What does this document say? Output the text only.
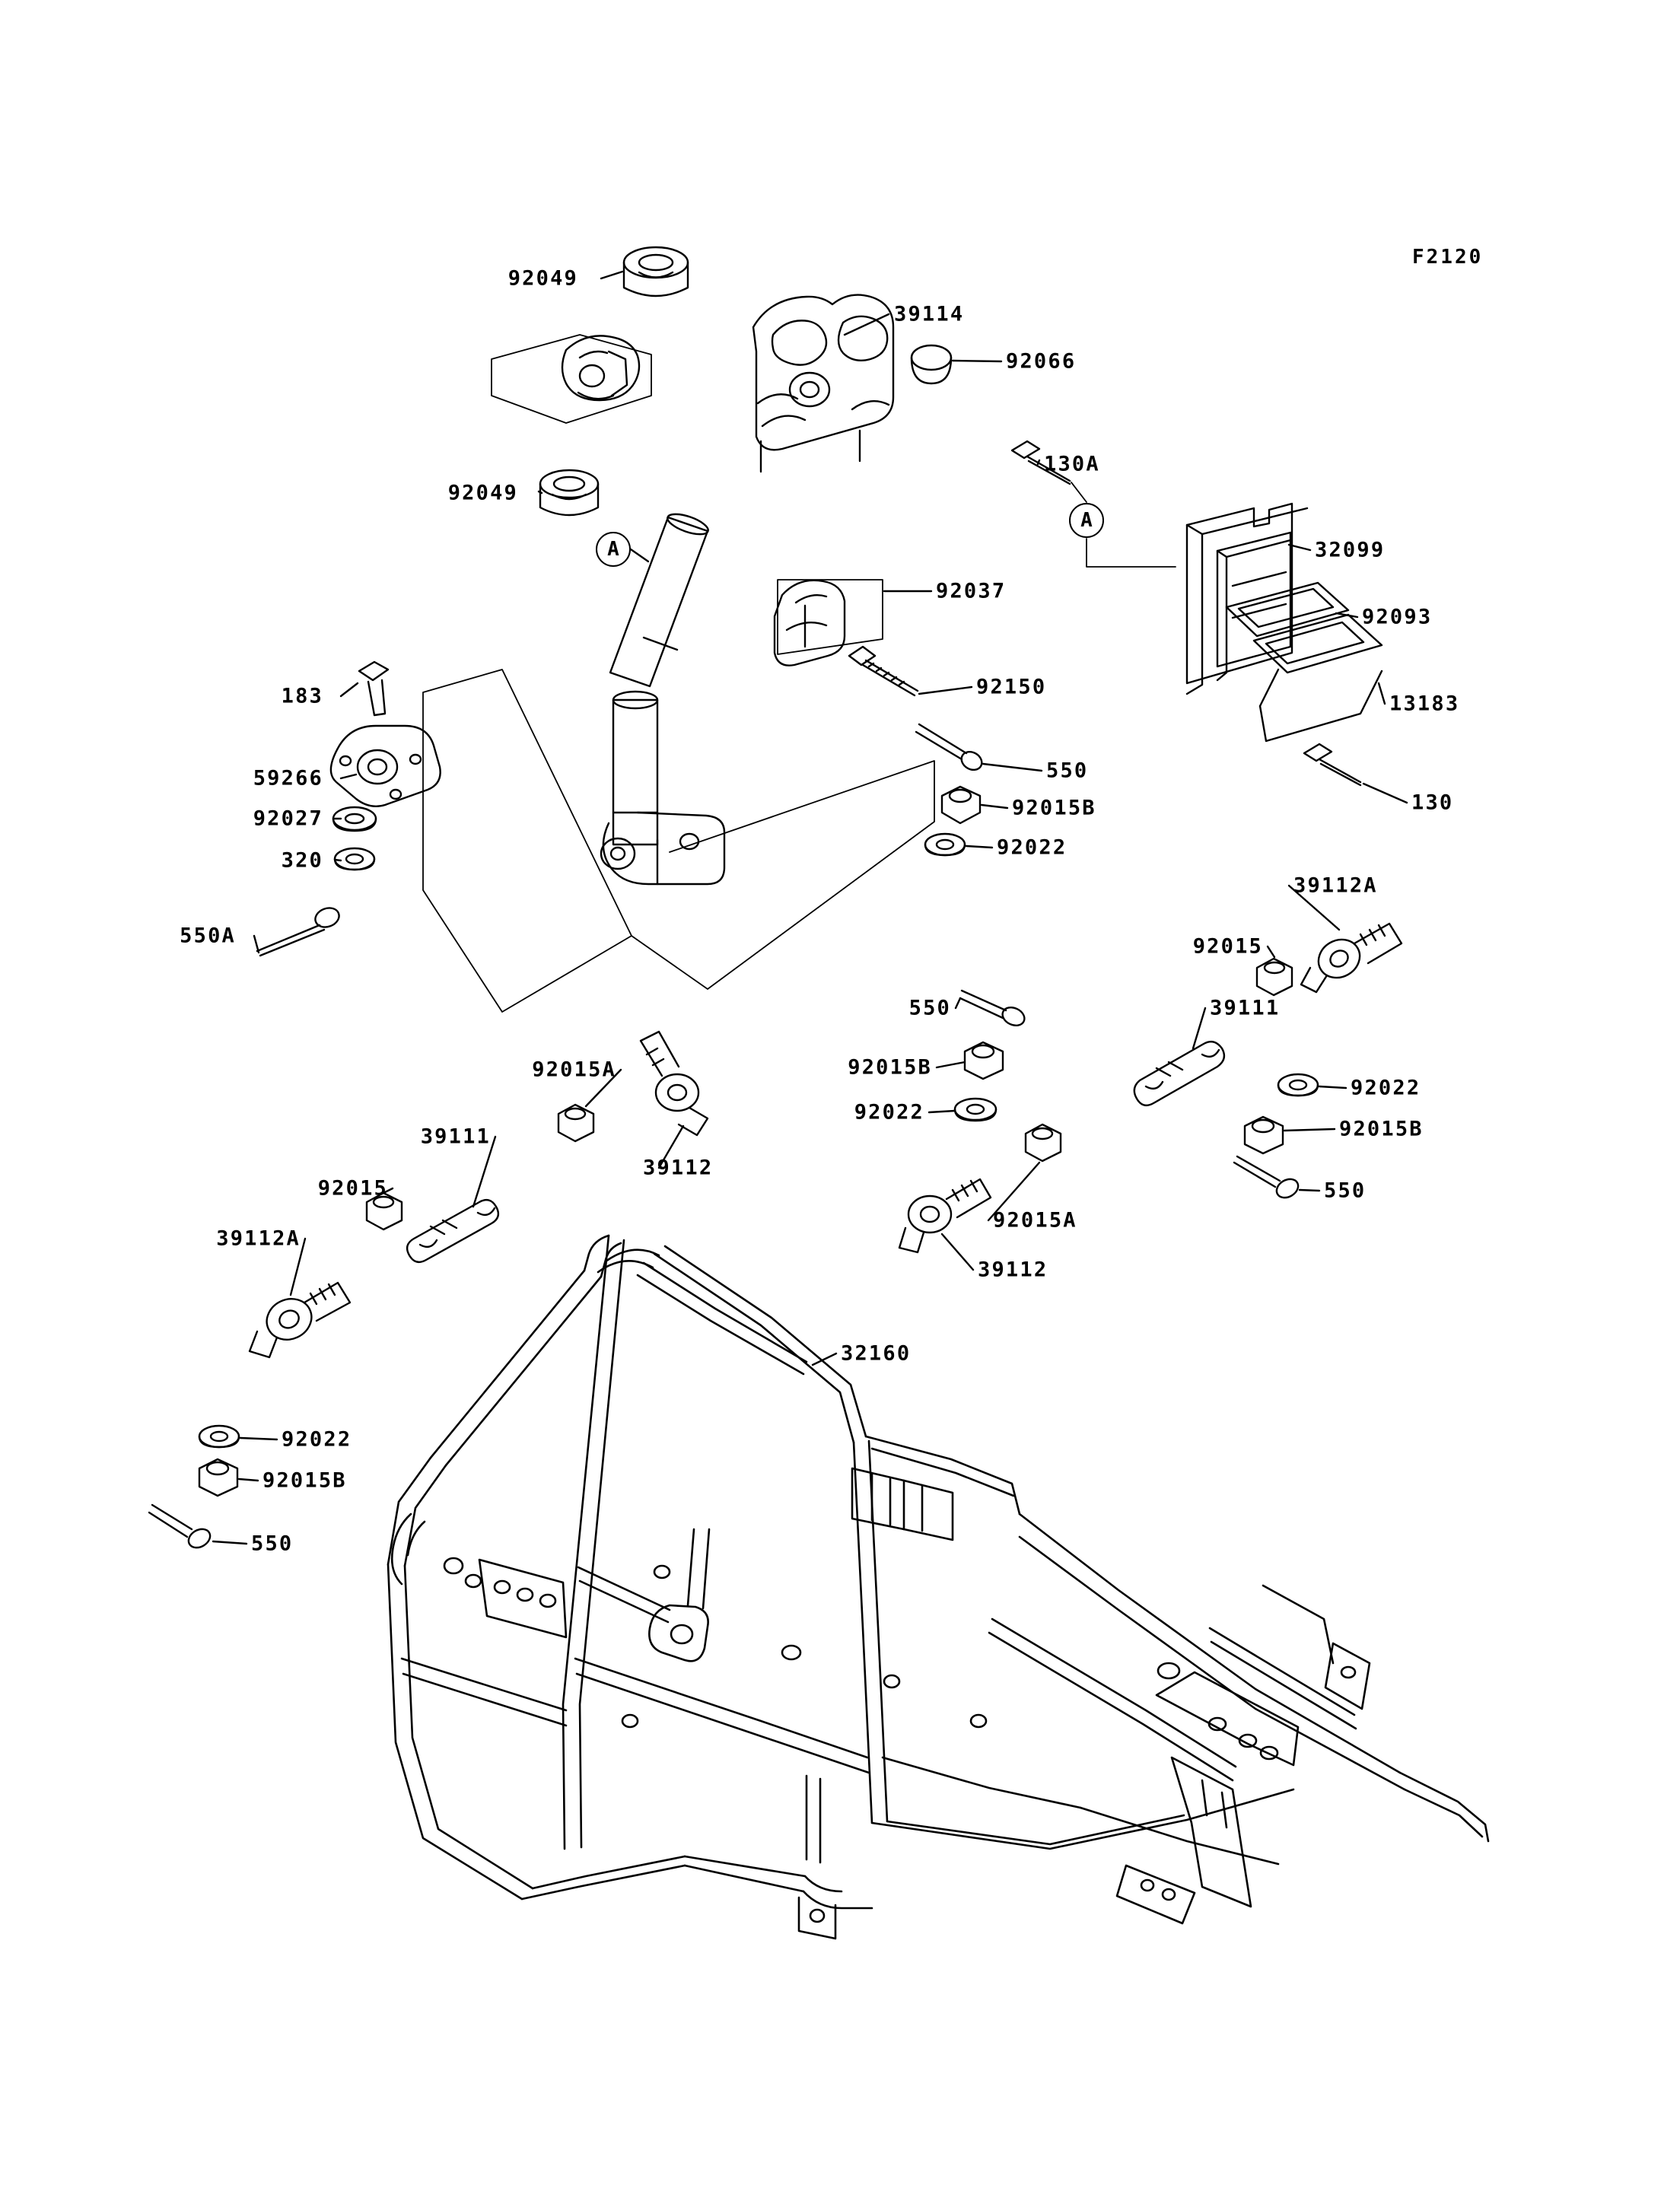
F2120
A
A
92049
39114
92066
92049
130A
32099
92037
92093
92150
13183
183
550
59266
92015B	130
92027
92022
320
39112A
550A	92015
550	39111
92015A	92015B
92022
92022
92015B
39111
39112
92015	550
92015A
39112A
39112
32160
92022
92015B
550
